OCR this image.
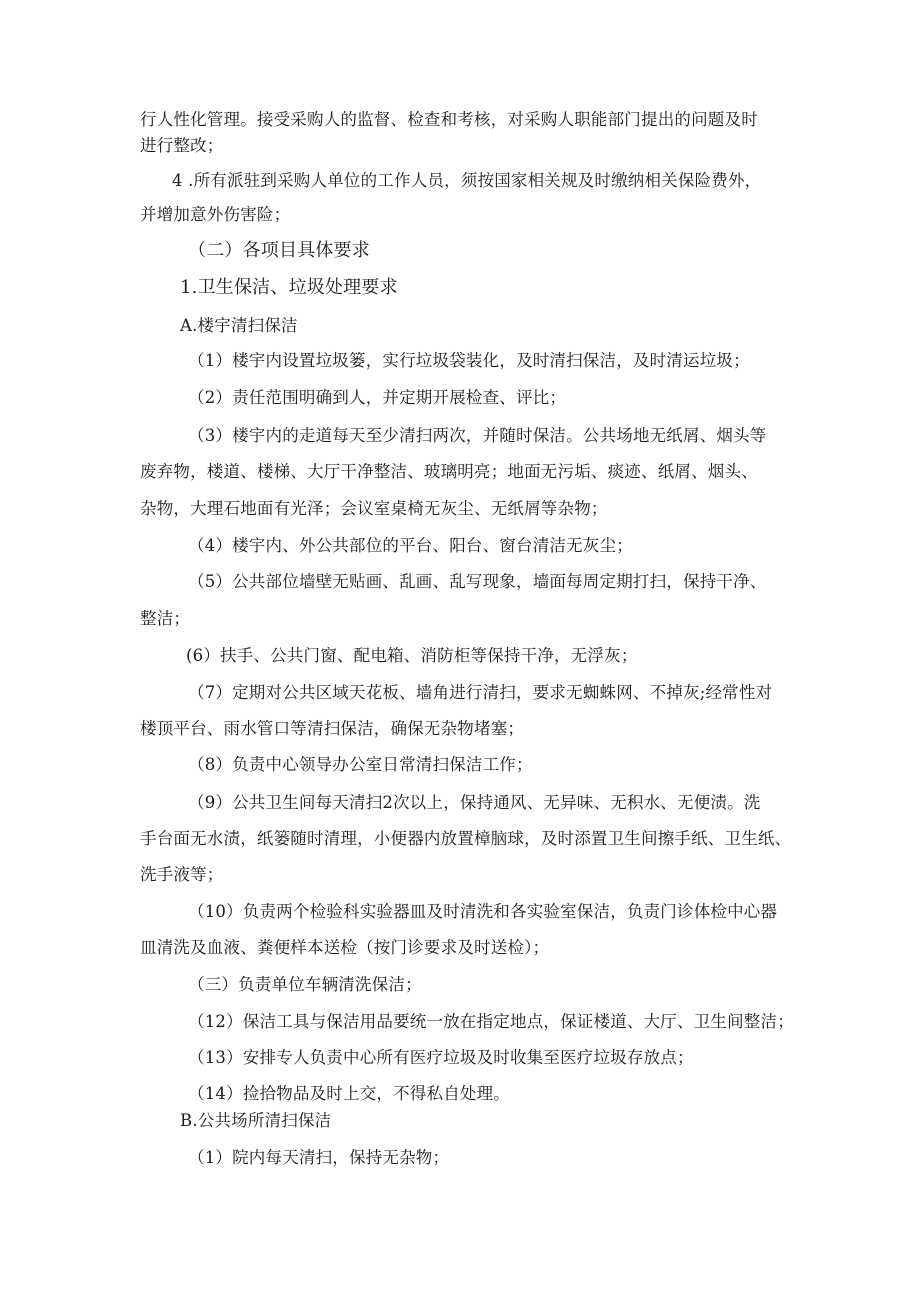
行人性化管理。接受采购人的监督、检查和考核，对采购人职能部门提出的问题及时

进行整改；

4 .所有派驻到采购人单位的工作人员，须按国家相关规及时缴纳相关保险费外，

并增加意外伤害险；

（二）各项目具体要求

1.卫生保洁、垃圾处理要求

A.楼宇清扫保洁

（1）楼宇内设置垃圾篓，实行垃圾袋装化，及时清扫保洁，及时清运垃圾；

（2）责任范围明确到人，并定期开展检查、评比；

（3）楼宇内的走道每天至少清扫两次，并随时保洁。公共场地无纸屑、烟头等

废弃物，楼道、楼梯、大厅干净整洁、玻璃明亮；地面无污垢、痰迹、纸屑、烟头、

杂物，大理石地面有光泽；会议室桌椅无灰尘、无纸屑等杂物；

（4）楼宇内、外公共部位的平台、阳台、窗台清洁无灰尘；

（5）公共部位墙壁无贴画、乱画、乱写现象，墙面每周定期打扫，保持干净、

整洁；

(6）扶手、公共门窗、配电箱、消防柜等保持干净，无浮灰；

（7）定期对公共区域天花板、墙角进行清扫，要求无蜘蛛网、不掉灰;经常性对

楼顶平台、雨水管口等清扫保洁，确保无杂物堵塞；

（8）负责中心领导办公室日常清扫保洁工作；

（9）公共卫生间每天清扫2次以上，保持通风、无异味、无积水、无便渍。洗

手台面无水渍，纸篓随时清理，小便器内放置樟脑球，及时添置卫生间擦手纸、卫生纸、

洗手液等；

（10）负责两个检验科实验器皿及时清洗和各实验室保洁，负责门诊体检中心器

皿清洗及血液、粪便样本送检（按门诊要求及时送检）；

（三）负责单位车辆清洗保洁；

（12）保洁工具与保洁用品要统一放在指定地点，保证楼道、大厅、卫生间整洁；

（13）安排专人负责中心所有医疗垃圾及时收集至医疗垃圾存放点；

（14）捡拾物品及时上交，不得私自处理。

B.公共场所清扫保洁

（1）院内每天清扫，保持无杂物；
